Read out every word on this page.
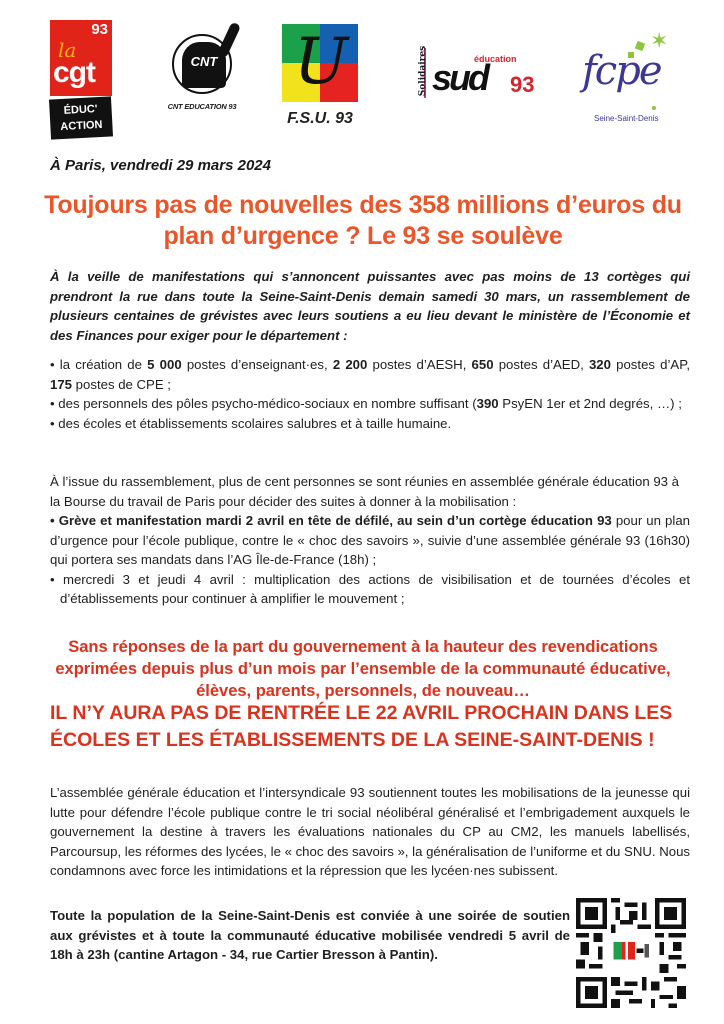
93
la
cgt
ÉDUC'
ACTION
CNT
CNT EDUCATION 93
U
F.S.U. 93
Solidaires	éducation
sud 93
✶
fcpe
Seine-Saint-Denis
À Paris, vendredi 29 mars 2024
Toujours pas de nouvelles des 358 millions d’euros du plan d’urgence ? Le 93 se soulève

À la veille de manifestations qui s’annoncent puissantes avec pas moins de 13 cortèges qui prendront la rue dans toute la Seine-Saint-Denis demain samedi 30 mars, un rassemblement de plusieurs centaines de grévistes avec leurs soutiens a eu lieu devant le ministère de l’Économie et des Finances pour exiger pour le département :

• la création de 5 000 postes d’enseignant·es, 2 200 postes d’AESH, 650 postes d’AED, 320 postes d’AP, 175 postes de CPE ;
• des personnels des pôles psycho-médico-sociaux en nombre suffisant (390 PsyEN 1er et 2nd degrés, …) ;
• des écoles et établissements scolaires salubres et à taille humaine.

À l’issue du rassemblement, plus de cent personnes se sont réunies en assemblée générale éducation 93 à la Bourse du travail de Paris pour décider des suites à donner à la mobilisation :

• Grève et manifestation mardi 2 avril en tête de défilé, au sein d’un cortège éducation 93 pour un plan d’urgence pour l’école publique, contre le « choc des savoirs », suivie d’une assemblée générale 93 (16h30) qui portera ses mandats dans l’AG Île-de-France (18h) ;
• mercredi 3 et jeudi 4 avril : multiplication des actions de visibilisation et de tournées d’écoles et d’établissements pour continuer à amplifier le mouvement ;

Sans réponses de la part du gouvernement à la hauteur des revendications exprimées depuis plus d’un mois par l’ensemble de la communauté éducative, élèves, parents, personnels, de nouveau…

IL N’Y AURA PAS DE RENTRÉE LE 22 AVRIL PROCHAIN DANS LES ÉCOLES ET LES ÉTABLISSEMENTS DE LA SEINE-SAINT-DENIS !

L’assemblée générale éducation et l’intersyndicale 93 soutiennent toutes les mobilisations de la jeunesse qui lutte pour défendre l’école publique contre le tri social néolibéral généralisé et l’embrigadement auxquels le gouvernement la destine à travers les évaluations nationales du CP au CM2, les manuels labellisés, Parcoursup, les réformes des lycées, le « choc des savoirs », la généralisation de l’uniforme et du SNU. Nous condamnons avec force les intimidations et la répression que les lycéen·nes subissent.

Toute la population de la Seine-Saint-Denis est conviée à une soirée de soutien aux grévistes et à toute la communauté éducative mobilisée vendredi 5 avril de 18h à 23h (cantine Artagon - 34, rue Cartier Bresson à Pantin).
